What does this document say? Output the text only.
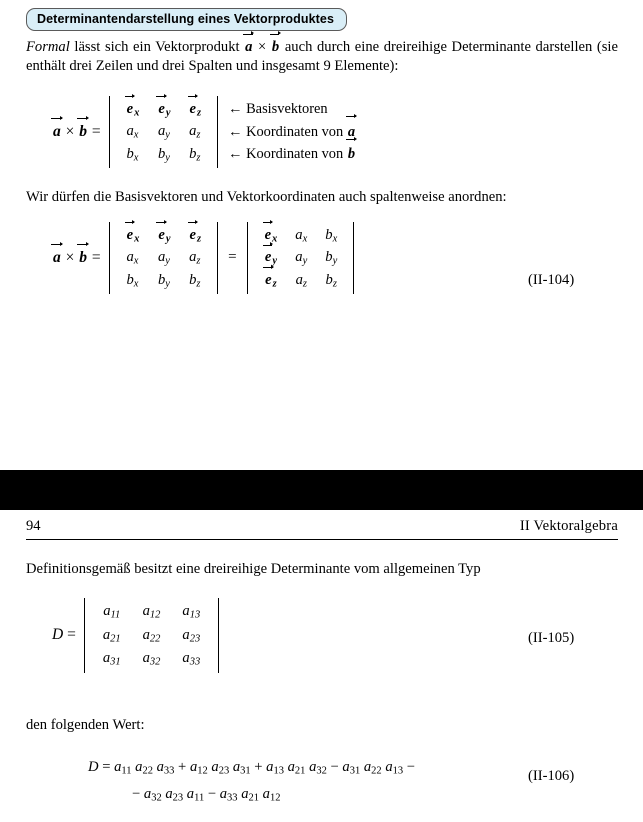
Determinantendarstellung eines Vektorproduktes
Formal lässt sich ein Vektorprodukt a × b auch durch eine dreireihige Determinante darstellen (sie enthält drei Zeilen und drei Spalten und insgesamt 9 Elemente):
a × b =
$e_x$	$e_y$	$e_z$
$a_x$	$a_y$	$a_z$
$b_x$	$b_y$	$b_z$
← Basisvektoren
← Koordinaten von a
← Koordinaten von b
Wir dürfen die Basisvektoren und Vektorkoordinaten auch spaltenweise anordnen:
a × b =
$e_x$	$e_y$	$e_z$
$a_x$	$a_y$	$a_z$
$b_x$	$b_y$	$b_z$
=
$e_x$	$a_x$	$b_x$
$e_y$	$a_y$	$b_y$
$e_z$	$a_z$	$b_z$	(II-104)
94	II Vektoralgebra
Definitionsgemäß besitzt eine dreireihige Determinante vom allgemeinen Typ
D =
$a_{11}$	$a_{12}$	$a_{13}$
$a_{21}$	$a_{22}$	$a_{23}$
$a_{31}$	$a_{32}$	$a_{33}$
(II-105)
den folgenden Wert:
$D = a_{11}$ $a_{22}$ $a_{33} + a_{12}$ $a_{23}$ $a_{31} + a_{13}$ $a_{21}$ $a_{32} - a_{31}$ $a_{22}$ $a_{13}$ −
− $a_{32}$ $a_{23}$ $a_{11} - a_{33}$ $a_{21}$ $a_{12}$
(II-106)
